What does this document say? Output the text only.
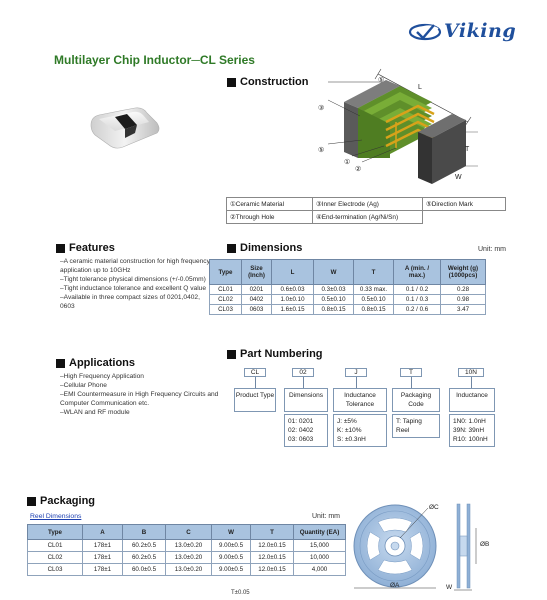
Viking
Multilayer Chip Inductor─CL Series
Construction
③
⑤
⑤
①
②
L
T
W
①Ceramic Material	③Inner Electrode (Ag)	⑤Direction Mark
②Through Hole	④End-termination (Ag/Ni/Sn)	
Features
–A ceramic material construction for high frequency application up to 10GHz
–Tight tolerance physical dimensions (+/-0.05mm)
–Tight inductance tolerance and excellent Q value
–Available in three compact sizes of 0201,0402, 0603
Dimensions	Unit: mm
Type	Size (Inch)	L	W	T	A (min. / max.)	Weight (g) (1000pcs)
CL01	0201	0.6±0.03	0.3±0.03	0.33 max.	0.1 / 0.2	0.28
CL02	0402	1.0±0.10	0.5±0.10	0.5±0.10	0.1 / 0.3	0.98
CL03	0603	1.6±0.15	0.8±0.15	0.8±0.15	0.2 / 0.6	3.47
Applications
–High Frequency Application
–Cellular Phone
–EMI Countermeasure in High Frequency Circuits and Computer Communication etc.
–WLAN and RF module
Part Numbering
CL	02	J	T	10N
Product Type	Dimensions	Inductance Tolerance
Packaging Code
Inductance
01: 0201
02: 0402
03: 0603
J: ±5%
K: ±10%
S: ±0.3nH
T: Taping Reel
1N0: 1.0nH
39N: 39nH
R10: 100nH
Packaging
Reel Dimensions	Unit: mm
Type	A	B	C	W	T	Quantity (EA)
CL01	178±1	60.2±0.5	13.0±0.20	9.00±0.5	12.0±0.15	15,000
CL02	178±1	60.2±0.5	13.0±0.20	9.00±0.5	12.0±0.15	10,000
CL03	178±1	60.0±0.5	13.0±0.20	9.00±0.5	12.0±0.15	4,000
T±0.05
ØC
ØA
ØB
W
